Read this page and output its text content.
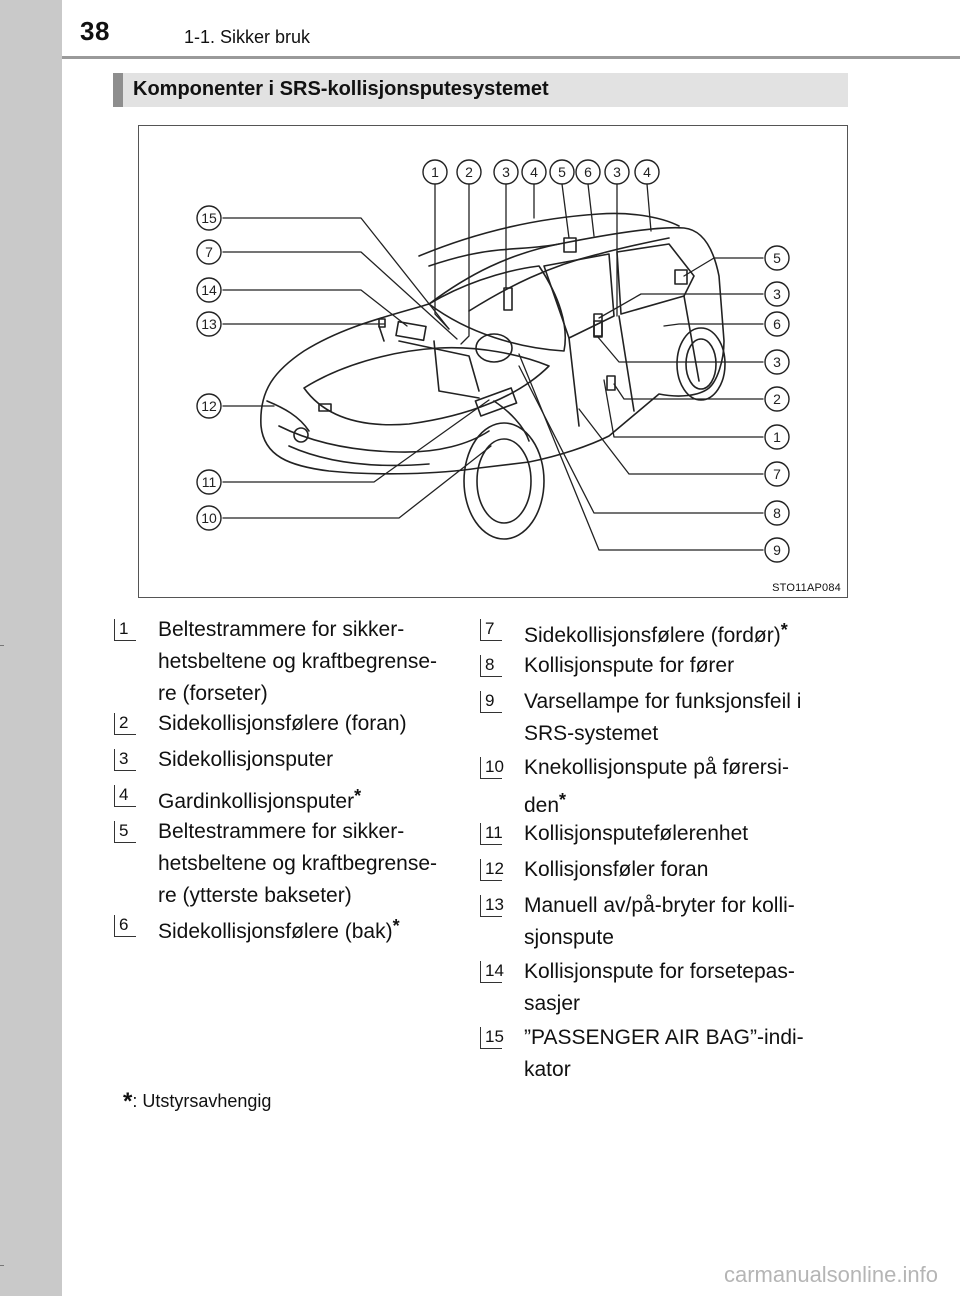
38	1-1. Sikker bruk
Komponenter i SRS-kollisjonsputesystemet
1 2 3 4 5 6 3 4
15
7
14
13
12
11
10
5
3
6
3
2
1
7
8
9
STO11AP084
1	Beltestrammere for sikker-
hetsbeltene og kraftbegrense-
re (forseter)
2	Sidekollisjonsfølere (foran)
3	Sidekollisjonsputer
4	Gardinkollisjonsputer*
5	Beltestrammere for sikker-
hetsbeltene og kraftbegrense-
re (ytterste bakseter)
6	Sidekollisjonsfølere (bak)*
7	Sidekollisjonsfølere (fordør)*
8	Kollisjonspute for fører
9	Varsellampe for funksjonsfeil i
SRS-systemet
10 Knekollisjonspute på førersi-
den*
11 Kollisjonsputefølerenhet
12 Kollisjonsføler foran
13 Manuell av/på-bryter for kolli-
sjonspute
14 Kollisjonspute for forsetepas-
sasjer
15 ”PASSENGER AIR BAG”-indi-
kator
*: Utstyrsavhengig
carmanualsonline.info
